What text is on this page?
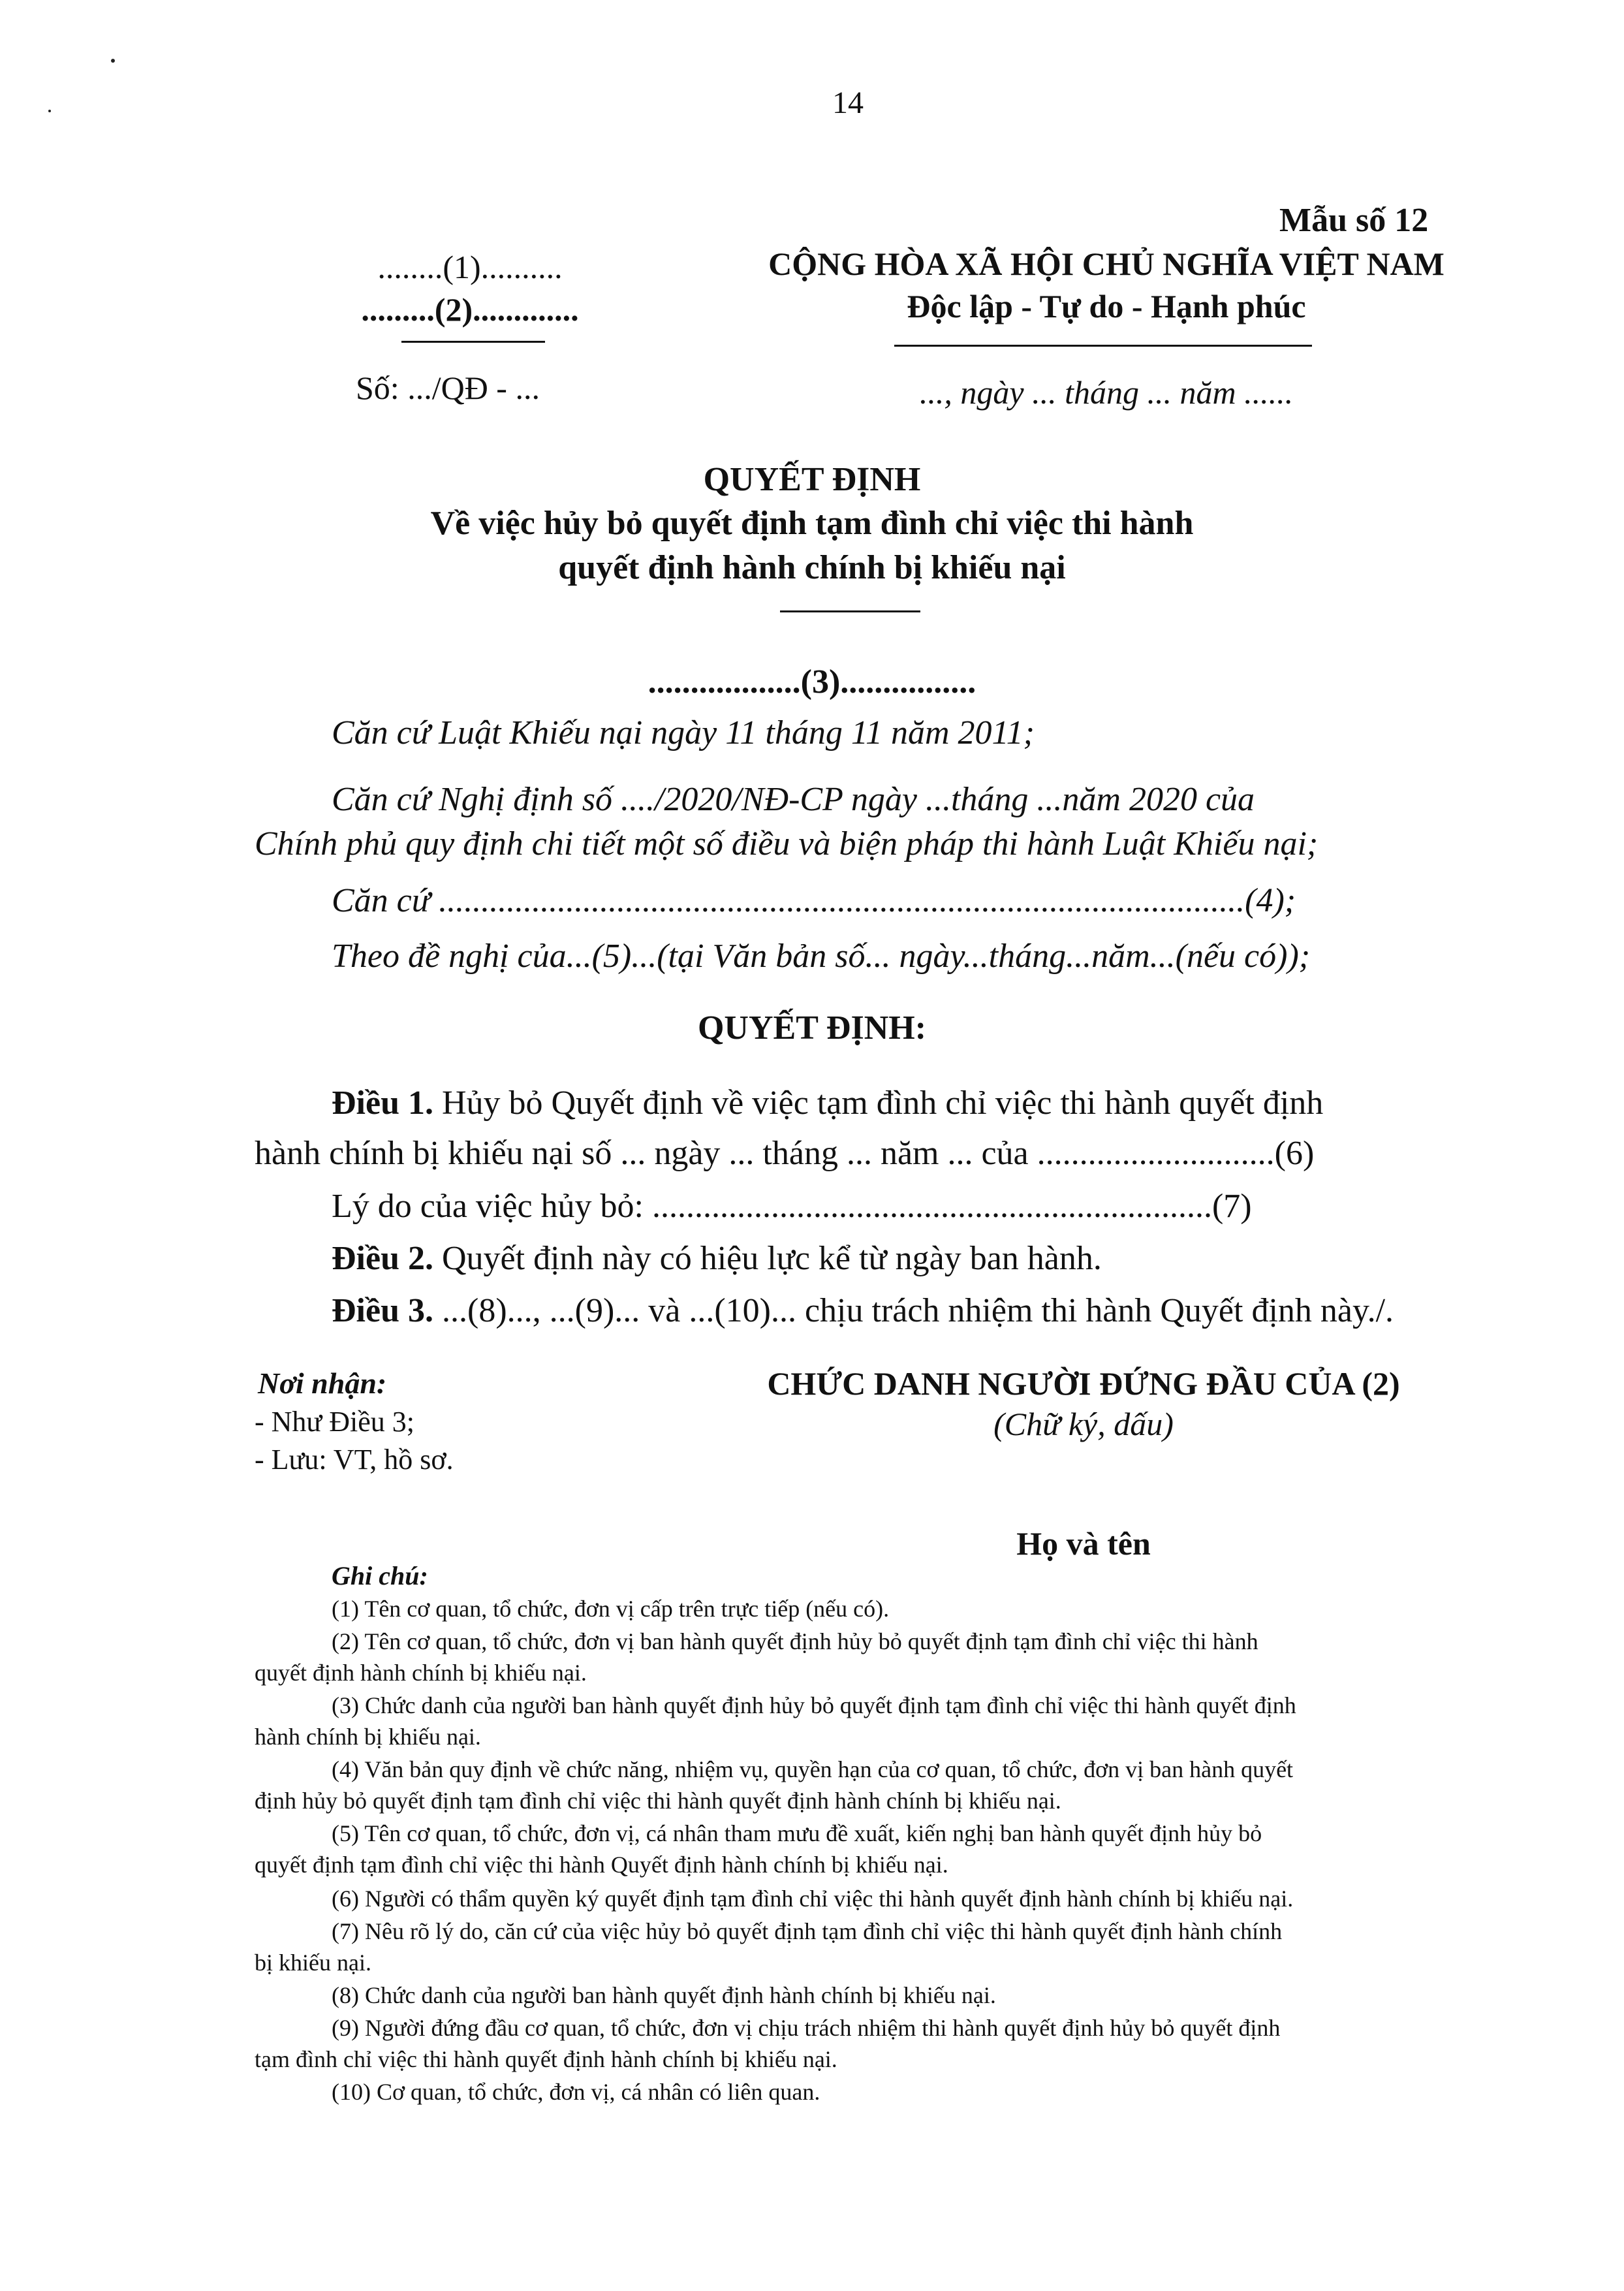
14
Mẫu số 12
........(1)..........
.........(2).............
Số: .../QĐ - ...
CỘNG HÒA XÃ HỘI CHỦ NGHĨA VIỆT NAM
Độc lập - Tự do - Hạnh phúc
..., ngày ... tháng ... năm ......
QUYẾT ĐỊNH
Về việc hủy bỏ quyết định tạm đình chỉ việc thi hành
quyết định hành chính bị khiếu nại
..................(3)................
Căn cứ Luật Khiếu nại ngày 11 tháng 11 năm 2011;
Căn cứ Nghị định số ..../2020/NĐ-CP ngày ...tháng ...năm 2020 của
Chính phủ quy định chi tiết một số điều và biện pháp thi hành Luật Khiếu nại;
Căn cứ ...............................................................................................(4);
Theo đề nghị của...(5)...(tại Văn bản số... ngày...tháng...năm...(nếu có));
QUYẾT ĐỊNH:
Điều 1. Hủy bỏ Quyết định về việc tạm đình chỉ việc thi hành quyết định
hành chính bị khiếu nại số ... ngày ... tháng ... năm ... của ............................(6)
Lý do của việc hủy bỏ: ..................................................................(7)
Điều 2. Quyết định này có hiệu lực kể từ ngày ban hành.
Điều 3. ...(8)..., ...(9)... và ...(10)... chịu trách nhiệm thi hành Quyết định này./.
Nơi nhận:
- Như Điều 3;
- Lưu: VT, hồ sơ.
CHỨC DANH NGƯỜI ĐỨNG ĐẦU CỦA (2)
(Chữ ký, dấu)
Họ và tên
Ghi chú:
(1) Tên cơ quan, tổ chức, đơn vị cấp trên trực tiếp (nếu có).
(2) Tên cơ quan, tổ chức, đơn vị ban hành quyết định hủy bỏ quyết định tạm đình chỉ việc thi hành
quyết định hành chính bị khiếu nại.
(3) Chức danh của người ban hành quyết định hủy bỏ quyết định tạm đình chỉ việc thi hành quyết định
hành chính bị khiếu nại.
(4) Văn bản quy định về chức năng, nhiệm vụ, quyền hạn của cơ quan, tổ chức, đơn vị ban hành quyết
định hủy bỏ quyết định tạm đình chỉ việc thi hành quyết định hành chính bị khiếu nại.
(5) Tên cơ quan, tổ chức, đơn vị, cá nhân tham mưu đề xuất, kiến nghị ban hành quyết định hủy bỏ
quyết định tạm đình chỉ việc thi hành Quyết định hành chính bị khiếu nại.
(6) Người có thẩm quyền ký quyết định tạm đình chỉ việc thi hành quyết định hành chính bị khiếu nại.
(7) Nêu rõ lý do, căn cứ của việc hủy bỏ quyết định tạm đình chỉ việc thi hành quyết định hành chính
bị khiếu nại.
(8) Chức danh của người ban hành quyết định hành chính bị khiếu nại.
(9) Người đứng đầu cơ quan, tổ chức, đơn vị chịu trách nhiệm thi hành quyết định hủy bỏ quyết định
tạm đình chỉ việc thi hành quyết định hành chính bị khiếu nại.
(10) Cơ quan, tổ chức, đơn vị, cá nhân có liên quan.
